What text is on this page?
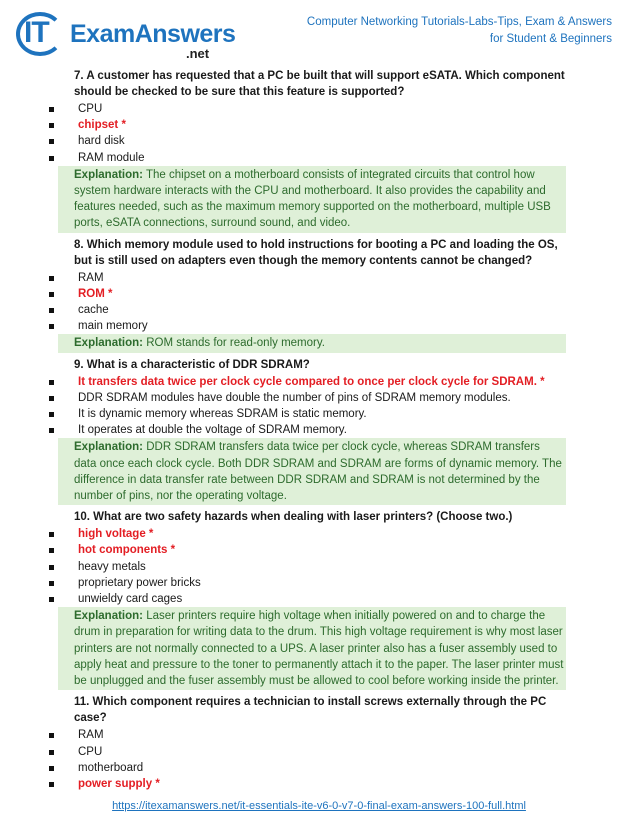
IT ExamAnswers
.net
Computer Networking Tutorials-Labs-Tips, Exam & Answers
for Student & Beginners

7. A customer has requested that a PC be built that will support eSATA. Which component should be checked to be sure that this feature is supported?

CPU
chipset *
hard disk
RAM module
Explanation: The chipset on a motherboard consists of integrated circuits that control how system hardware interacts with the CPU and motherboard. It also provides the capability and features needed, such as the maximum memory supported on the motherboard, multiple USB ports, eSATA connections, surround sound, and video.

8. Which memory module used to hold instructions for booting a PC and loading the OS, but is still used on adapters even though the memory contents cannot be changed?

RAM
ROM *
cache
main memory
Explanation: ROM stands for read-only memory.

9. What is a characteristic of DDR SDRAM?

It transfers data twice per clock cycle compared to once per clock cycle for SDRAM. *
DDR SDRAM modules have double the number of pins of SDRAM memory modules.
It is dynamic memory whereas SDRAM is static memory.
It operates at double the voltage of SDRAM memory.
Explanation: DDR SDRAM transfers data twice per clock cycle, whereas SDRAM transfers data once each clock cycle. Both DDR SDRAM and SDRAM are forms of dynamic memory. The difference in data transfer rate between DDR SDRAM and SDRAM is not determined by the number of pins, nor the operating voltage.

10. What are two safety hazards when dealing with laser printers? (Choose two.)

high voltage *
hot components *
heavy metals
proprietary power bricks
unwieldy card cages
Explanation: Laser printers require high voltage when initially powered on and to charge the drum in preparation for writing data to the drum. This high voltage requirement is why most laser printers are not normally connected to a UPS. A laser printer also has a fuser assembly used to apply heat and pressure to the toner to permanently attach it to the paper. The laser printer must be unplugged and the fuser assembly must be allowed to cool before working inside the printer.

11. Which component requires a technician to install screws externally through the PC case?

RAM
CPU
motherboard
power supply *
https://itexamanswers.net/it-essentials-ite-v6-0-v7-0-final-exam-answers-100-full.html
